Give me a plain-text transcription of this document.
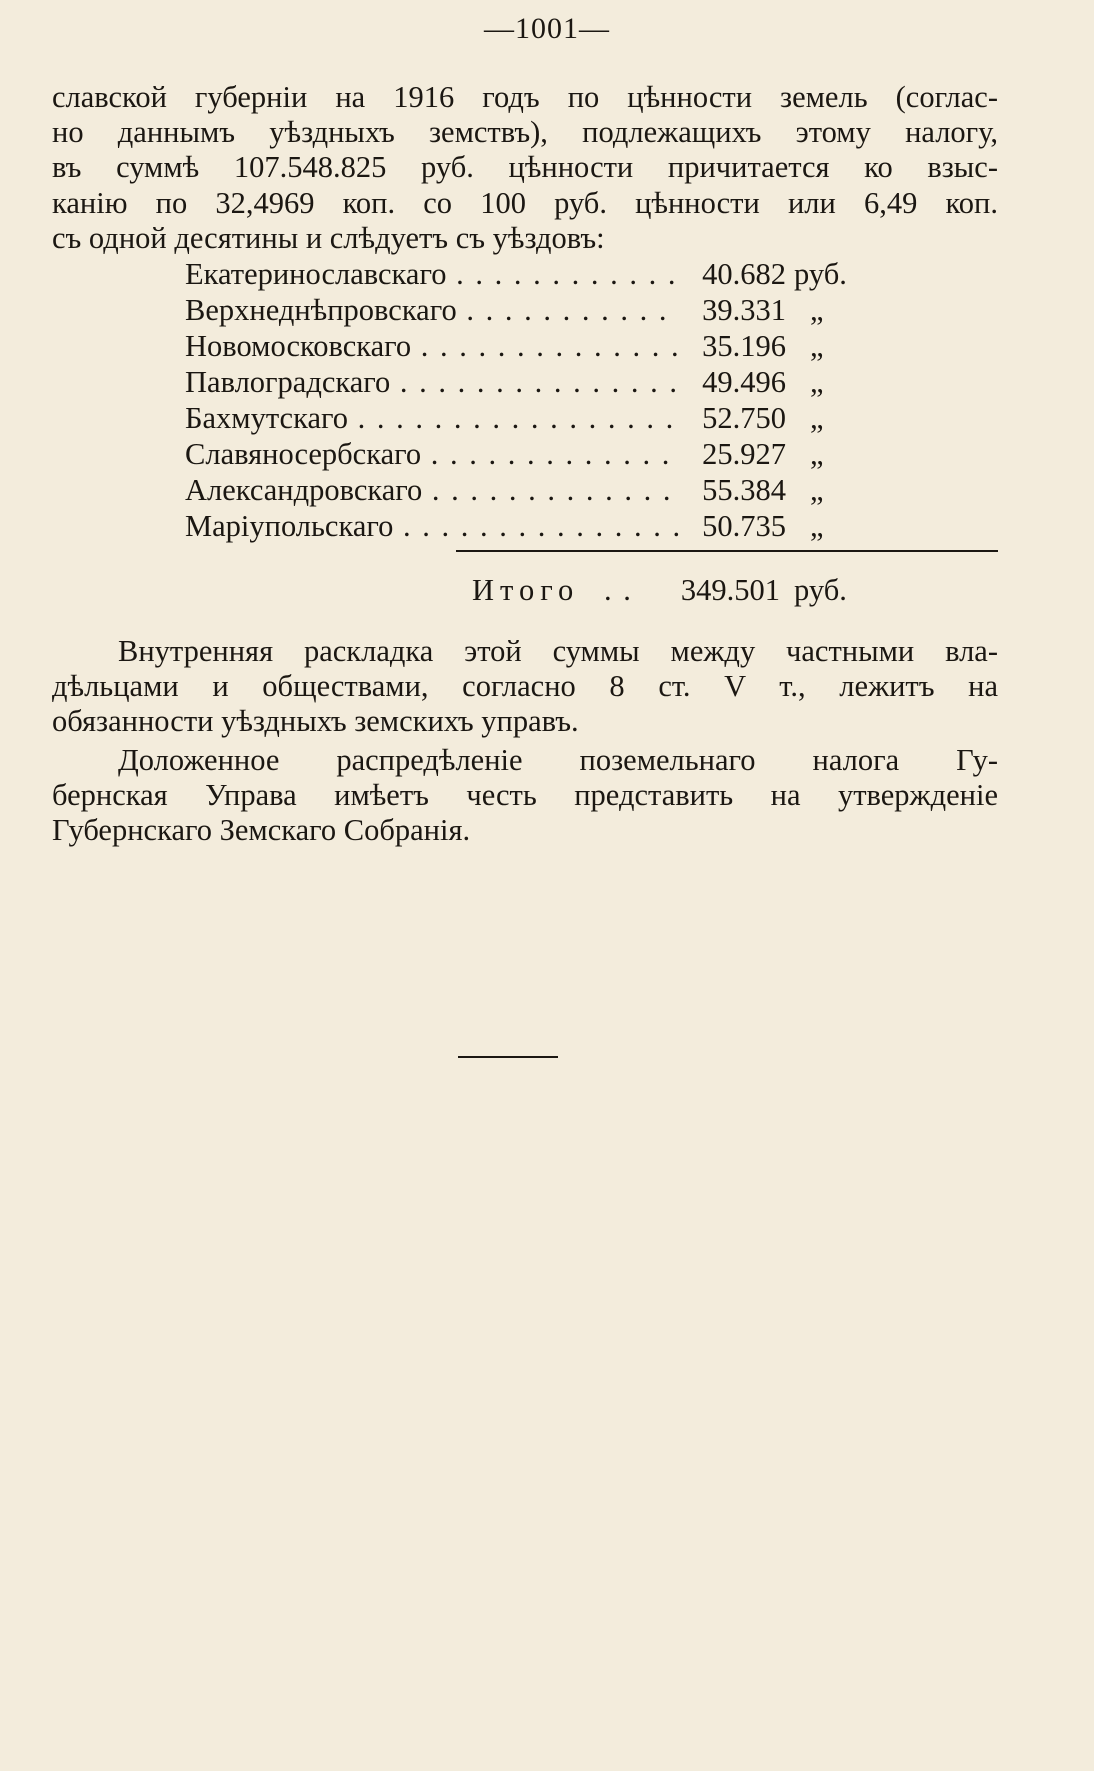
—1001—
славской губерніи на 1916 годъ по цѣнности земель (соглас-
но даннымъ уѣздныхъ земствъ), подлежащихъ этому налогу,
въ суммѣ 107.548.825 руб. цѣнности причитается ко взыс-
канію по 32,4969 коп. со 100 руб. цѣнности или 6,49 коп.
съ одной десятины и слѣдуетъ съ уѣздовъ:
Екатеринославскаго . . .	40.682 руб.
Верхнеднѣпровскаго . . .	39.331 „
Новомосковскаго . . .	35.196 „
Павлоградскаго . . .	49.496 „
Бахмутскаго . . .	52.750 „
Славяносербскаго . . .	25.927 „
Александровскаго . . .	55.384 „
Маріупольскаго . . .	50.735 „
Итого . .	349.501 руб.
Внутренняя раскладка этой суммы между частными вла-
дѣльцами и обществами, согласно 8 ст. V т., лежитъ на
обязанности уѣздныхъ земскихъ управъ.
Доложенное распредѣленіе поземельнаго налога Гу-
бернская Управа имѣетъ честь представить на утвержденіе
Губернскаго Земскаго Собранія.
